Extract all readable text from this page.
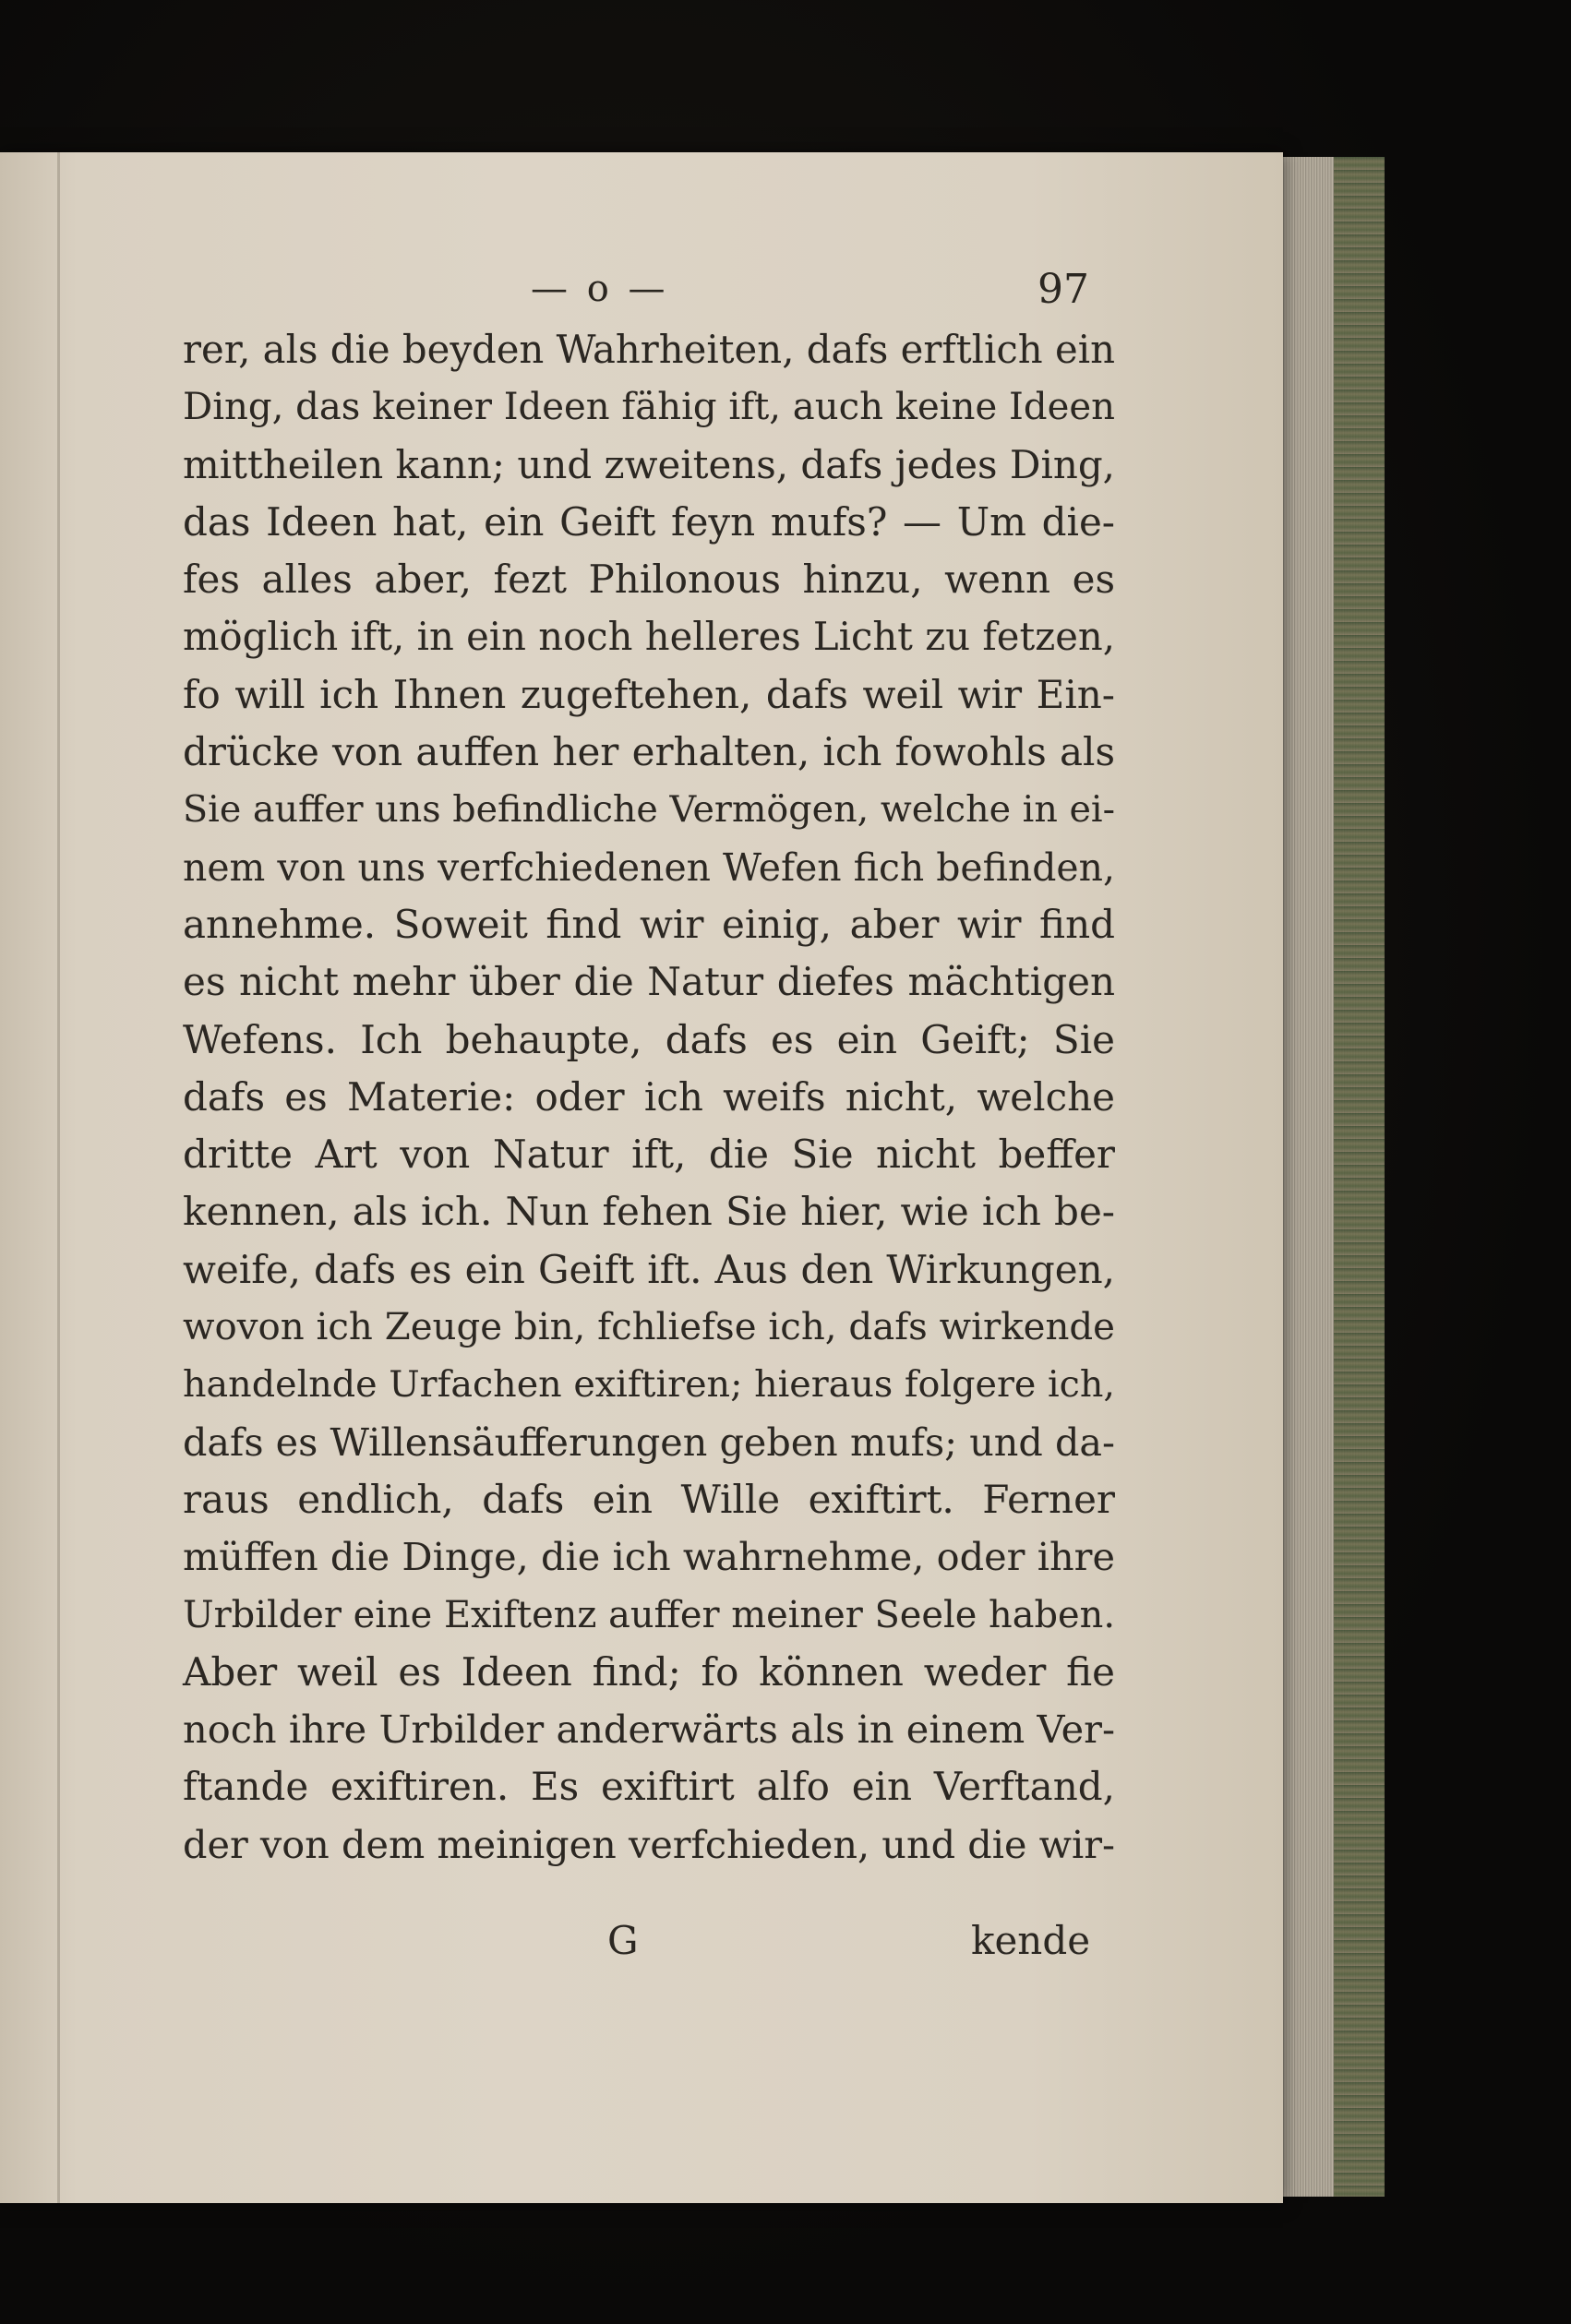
— o —	97
rer, als die beyden Wahrheiten, dafs erftlich ein
Ding, das keiner Ideen fähig ift, auch keine Ideen
mittheilen kann; und zweitens, dafs jedes Ding,
das Ideen hat, ein Geift feyn mufs? — Um die-
fes alles aber, fezt Philonous hinzu, wenn es
möglich ift, in ein noch helleres Licht zu fetzen,
fo will ich Ihnen zugeftehen, dafs weil wir Ein-
drücke von auffen her erhalten, ich fowohls als
Sie auffer uns befindliche Vermögen, welche in ei-
nem von uns verfchiedenen Wefen fich befinden,
annehme. Soweit find wir einig, aber wir find
es nicht mehr über die Natur diefes mächtigen
Wefens. Ich behaupte, dafs es ein Geift; Sie
dafs es Materie: oder ich weifs nicht, welche
dritte Art von Natur ift, die Sie nicht beffer
kennen, als ich. Nun fehen Sie hier, wie ich be-
weife, dafs es ein Geift ift. Aus den Wirkungen,
wovon ich Zeuge bin, fchliefse ich, dafs wirkende
handelnde Urfachen exiftiren; hieraus folgere ich,
dafs es Willensäufferungen geben mufs; und da-
raus endlich, dafs ein Wille exiftirt. Ferner
müffen die Dinge, die ich wahrnehme, oder ihre
Urbilder eine Exiftenz auffer meiner Seele haben.
Aber weil es Ideen find; fo können weder fie
noch ihre Urbilder anderwärts als in einem Ver-
ftande exiftiren. Es exiftirt alfo ein Verftand,
der von dem meinigen verfchieden, und die wir-
G	kende
